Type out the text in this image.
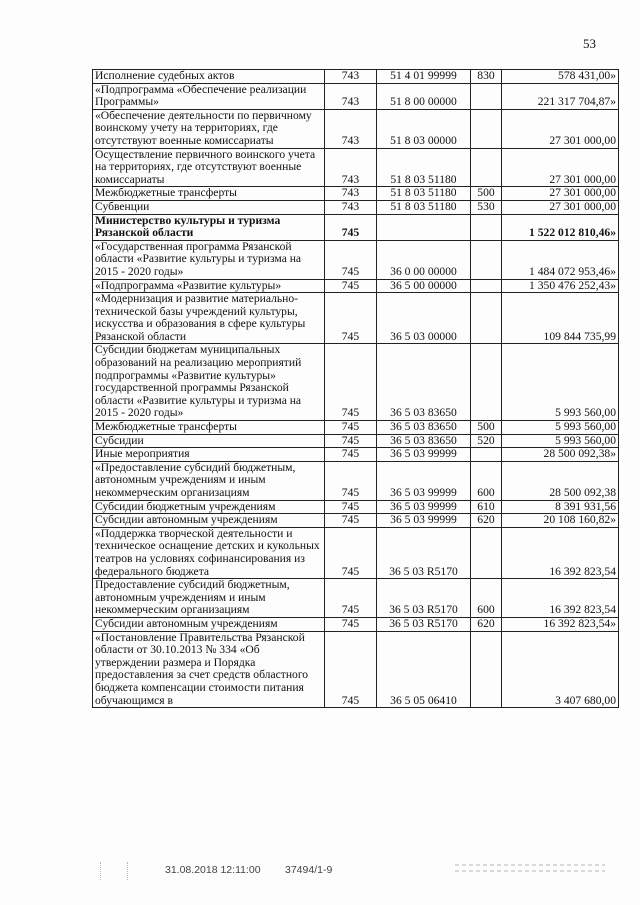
53
Исполнение судебных актов	743	51 4 01 99999	830	578 431,00»
«Подпрограмма «Обеспечение реализации Программы»	743	51 8 00 00000		221 317 704,87»
«Обеспечение деятельности по первичному воинскому учету на территориях, где отсутствуют военные комиссариаты	743	51 8 03 00000		27 301 000,00
Осуществление первичного воинского учета на территориях, где отсутствуют военные комиссариаты	743	51 8 03 51180		27 301 000,00
Межбюджетные трансферты	743	51 8 03 51180	500	27 301 000,00
Субвенции	743	51 8 03 51180	530	27 301 000,00
Министерство культуры и туризма Рязанской области	745			1 522 012 810,46»
«Государственная программа Рязанской области «Развитие культуры и туризма на 2015 - 2020 годы»	745	36 0 00 00000		1 484 072 953,46»
«Подпрограмма «Развитие культуры»	745	36 5 00 00000		1 350 476 252,43»
«Модернизация и развитие материально-технической базы учреждений культуры, искусства и образования в сфере культуры Рязанской области	745	36 5 03 00000		109 844 735,99
Субсидии бюджетам муниципальных образований на реализацию мероприятий подпрограммы «Развитие культуры» государственной программы Рязанской области «Развитие культуры и туризма на 2015 - 2020 годы»	745	36 5 03 83650		5 993 560,00
Межбюджетные трансферты	745	36 5 03 83650	500	5 993 560,00
Субсидии	745	36 5 03 83650	520	5 993 560,00
Иные мероприятия	745	36 5 03 99999		28 500 092,38»
«Предоставление субсидий бюджетным, автономным учреждениям и иным некоммерческим организациям	745	36 5 03 99999	600	28 500 092,38
Субсидии бюджетным учреждениям	745	36 5 03 99999	610	8 391 931,56
Субсидии автономным учреждениям	745	36 5 03 99999	620	20 108 160,82»
«Поддержка творческой деятельности и техническое оснащение детских и кукольных театров на условиях софинансирования из федерального бюджета	745	36 5 03 R5170		16 392 823,54
Предоставление субсидий бюджетным, автономным учреждениям и иным некоммерческим организациям	745	36 5 03 R5170	600	16 392 823,54
Субсидии автономным учреждениям	745	36 5 03 R5170	620	16 392 823,54»
«Постановление Правительства Рязанской области от 30.10.2013 № 334 «Об утверждении размера и Порядка предоставления за счет средств областного бюджета компенсации стоимости питания обучающимся в	745	36 5 05 06410		3 407 680,00
31.08.2018 12:11:00 37494/1-9
